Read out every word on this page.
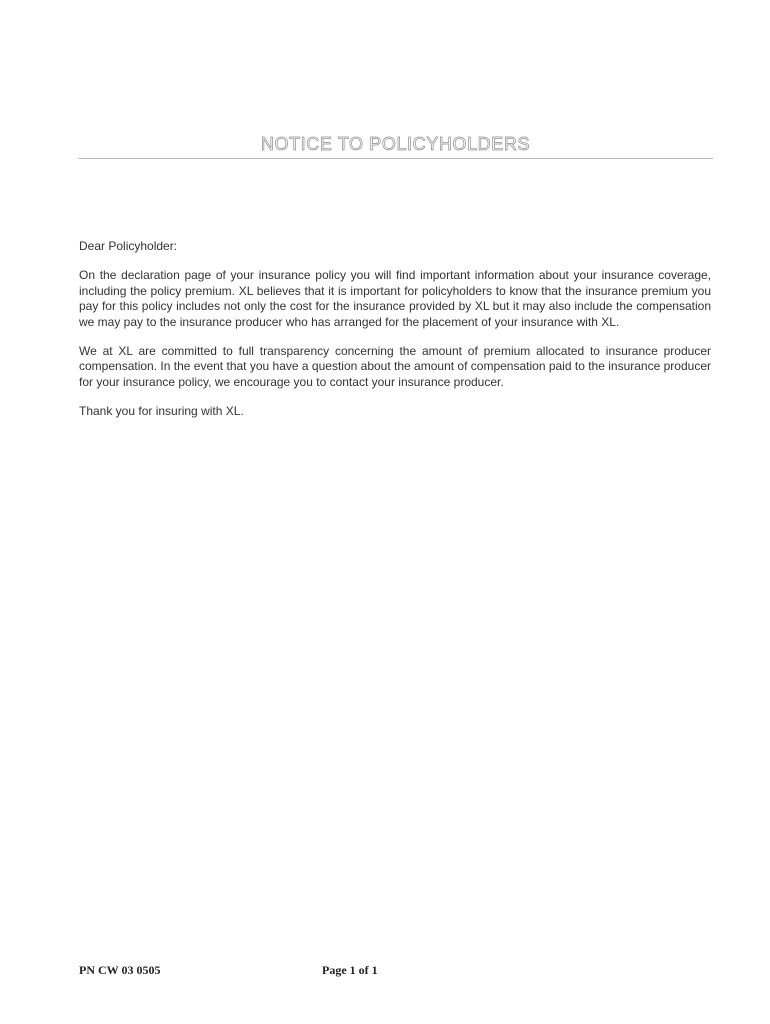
NOTICE TO POLICYHOLDERS

Dear Policyholder:

On the declaration page of your insurance policy you will find important information about your insurance coverage, including the policy premium. XL believes that it is important for policyholders to know that the insurance premium you pay for this policy includes not only the cost for the insurance provided by XL but it may also include the compensation we may pay to the insurance producer who has arranged for the placement of your insurance with XL.

We at XL are committed to full transparency concerning the amount of premium allocated to insurance producer compensation. In the event that you have a question about the amount of compensation paid to the insurance producer for your insurance policy, we encourage you to contact your insurance producer.

Thank you for insuring with XL.

PN CW 03 0505	Page 1 of 1
